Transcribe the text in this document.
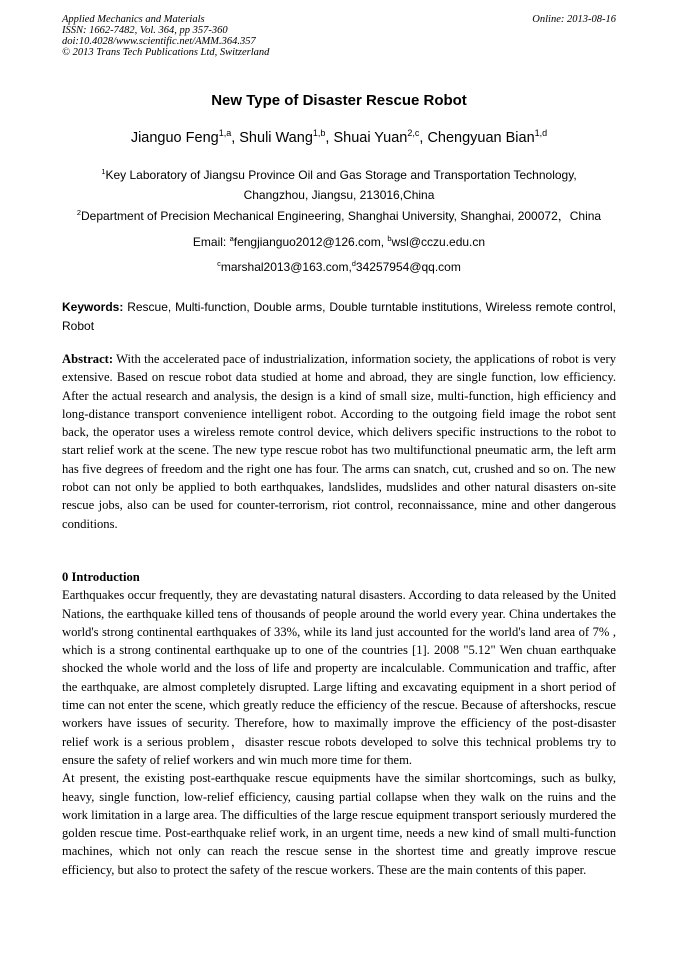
Applied Mechanics and Materials
ISSN: 1662-7482, Vol. 364, pp 357-360
doi:10.4028/www.scientific.net/AMM.364.357
© 2013 Trans Tech Publications Ltd, Switzerland
Online: 2013-08-16
New Type of Disaster Rescue Robot
Jianguo Feng$^{1,a}$, Shuli Wang$^{1,b}$, Shuai Yuan$^{2,c}$, Chengyuan Bian$^{1,d}$
$^1$Key Laboratory of Jiangsu Province Oil and Gas Storage and Transportation Technology,
Changzhou, Jiangsu, 213016,China
$^2$Department of Precision Mechanical Engineering, Shanghai University, Shanghai, 200072，China
Email: $^a$fengjianguo2012@126.com, $^b$wsl@cczu.edu.cn
$^c$marshal2013@163.com,$^d$34257954@qq.com
Keywords: Rescue, Multi-function, Double arms, Double turntable institutions, Wireless remote control, Robot

Abstract: With the accelerated pace of industrialization, information society, the applications of robot is very extensive. Based on rescue robot data studied at home and abroad, they are single function, low efficiency. After the actual research and analysis, the design is a kind of small size, multi-function, high efficiency and long-distance transport convenience intelligent robot. According to the outgoing field image the robot sent back, the operator uses a wireless remote control device, which delivers specific instructions to the robot to start relief work at the scene. The new type rescue robot has two multifunctional pneumatic arm, the left arm has five degrees of freedom and the right one has four. The arms can snatch, cut, crushed and so on. The new robot can not only be applied to both earthquakes, landslides, mudslides and other natural disasters on-site rescue jobs, also can be used for counter-terrorism, riot control, reconnaissance, mine and other dangerous conditions.

0 Introduction

Earthquakes occur frequently, they are devastating natural disasters. According to data released by the United Nations, the earthquake killed tens of thousands of people around the world every year. China undertakes the world's strong continental earthquakes of 33%, while its land just accounted for the world's land area of 7% , which is a strong continental earthquake up to one of the countries [1]. 2008 "5.12" Wen chuan earthquake shocked the whole world and the loss of life and property are incalculable. Communication and traffic, after the earthquake, are almost completely disrupted. Large lifting and excavating equipment in a short period of time can not enter the scene, which greatly reduce the efficiency of the rescue. Because of aftershocks, rescue workers have issues of security. Therefore, how to maximally improve the efficiency of the post-disaster relief work is a serious problem，disaster rescue robots developed to solve this technical problems try to ensure the safety of relief workers and win much more time for them.

At present, the existing post-earthquake rescue equipments have the similar shortcomings, such as bulky, heavy, single function, low-relief efficiency, causing partial collapse when they walk on the ruins and the work limitation in a large area. The difficulties of the large rescue equipment transport seriously murdered the golden rescue time. Post-earthquake relief work, in an urgent time, needs a new kind of small multi-function machines, which not only can reach the rescue sense in the shortest time and greatly improve rescue efficiency, but also to protect the safety of the rescue workers. These are the main contents of this paper.
